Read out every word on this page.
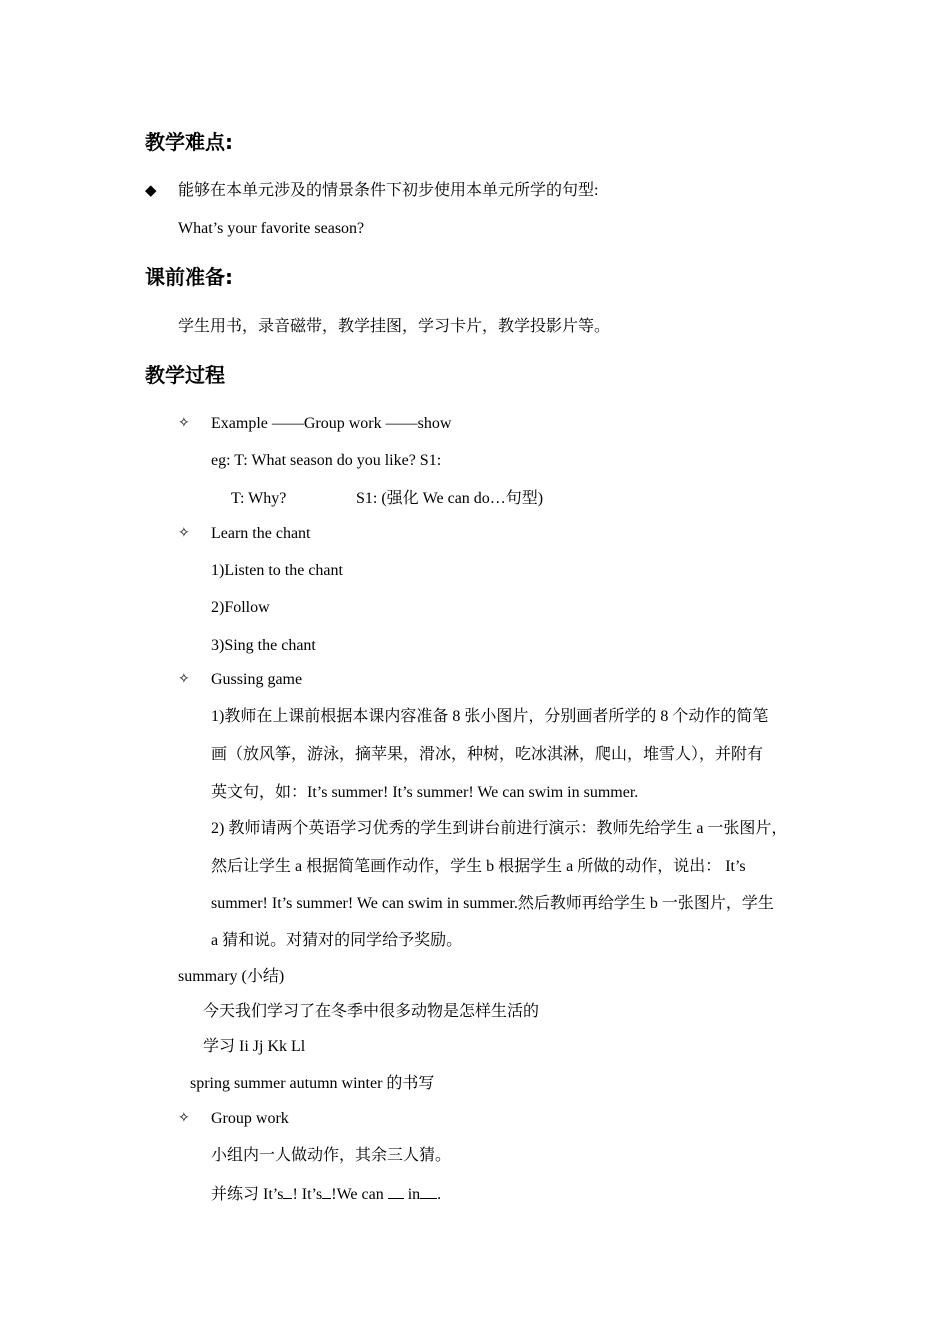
教学难点:
◆ 能够在本单元涉及的情景条件下初步使用本单元所学的句型:
What’s your favorite season?
课前准备:
学生用书，录音磁带，教学挂图，学习卡片，教学投影片等。
教学过程
✧ Example ——Group work ——show
eg: T: What season do you like? S1:
T: Why?	S1: (强化 We can do…句型)
✧ Learn the chant
1)Listen to the chant
2)Follow
3)Sing the chant
✧ Gussing game
1)教师在上课前根据本课内容准备 8 张小图片，分别画者所学的 8 个动作的简笔
画（放风筝，游泳，摘苹果，滑冰，种树，吃冰淇淋，爬山，堆雪人），并附有
英文句，如：It’s summer! It’s summer! We can swim in summer.
2) 教师请两个英语学习优秀的学生到讲台前进行演示：教师先给学生 a 一张图片，
然后让学生 a 根据简笔画作动作，学生 b 根据学生 a 所做的动作，说出： It’s
summer! It’s summer! We can swim in summer.然后教师再给学生 b 一张图片，学生
a 猜和说。对猜对的同学给予奖励。
summary (小结)
今天我们学习了在冬季中很多动物是怎样生活的
学习 Ii Jj Kk Ll
spring summer autumn winter 的书写
✧ Group work
小组内一人做动作，其余三人猜。
并练习 It’s ! It’s !We can  in .
